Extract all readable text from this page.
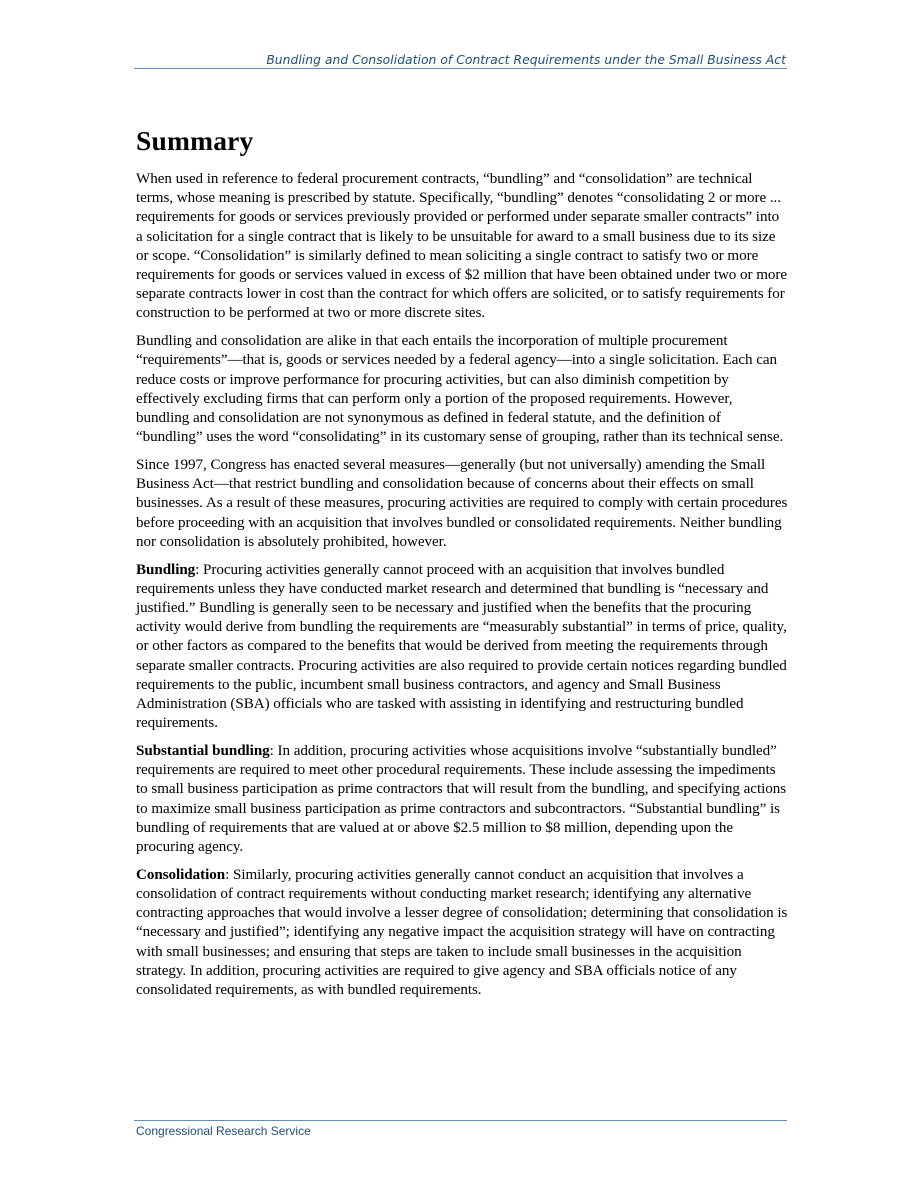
Bundling and Consolidation of Contract Requirements under the Small Business Act
Summary

When used in reference to federal procurement contracts, “bundling” and “consolidation” are technical terms, whose meaning is prescribed by statute. Specifically, “bundling” denotes “consolidating 2 or more ... requirements for goods or services previously provided or performed under separate smaller contracts” into a solicitation for a single contract that is likely to be unsuitable for award to a small business due to its size or scope. “Consolidation” is similarly defined to mean soliciting a single contract to satisfy two or more requirements for goods or services valued in excess of $2 million that have been obtained under two or more separate contracts lower in cost than the contract for which offers are solicited, or to satisfy requirements for construction to be performed at two or more discrete sites.

Bundling and consolidation are alike in that each entails the incorporation of multiple procurement “requirements”—that is, goods or services needed by a federal agency—into a single solicitation. Each can reduce costs or improve performance for procuring activities, but can also diminish competition by effectively excluding firms that can perform only a portion of the proposed requirements. However, bundling and consolidation are not synonymous as defined in federal statute, and the definition of “bundling” uses the word “consolidating” in its customary sense of grouping, rather than its technical sense.

Since 1997, Congress has enacted several measures—generally (but not universally) amending the Small Business Act—that restrict bundling and consolidation because of concerns about their effects on small businesses. As a result of these measures, procuring activities are required to comply with certain procedures before proceeding with an acquisition that involves bundled or consolidated requirements. Neither bundling nor consolidation is absolutely prohibited, however.

Bundling: Procuring activities generally cannot proceed with an acquisition that involves bundled requirements unless they have conducted market research and determined that bundling is “necessary and justified.” Bundling is generally seen to be necessary and justified when the benefits that the procuring activity would derive from bundling the requirements are “measurably substantial” in terms of price, quality, or other factors as compared to the benefits that would be derived from meeting the requirements through separate smaller contracts. Procuring activities are also required to provide certain notices regarding bundled requirements to the public, incumbent small business contractors, and agency and Small Business Administration (SBA) officials who are tasked with assisting in identifying and restructuring bundled requirements.

Substantial bundling: In addition, procuring activities whose acquisitions involve “substantially bundled” requirements are required to meet other procedural requirements. These include assessing the impediments to small business participation as prime contractors that will result from the bundling, and specifying actions to maximize small business participation as prime contractors and subcontractors. “Substantial bundling” is bundling of requirements that are valued at or above $2.5 million to $8 million, depending upon the procuring agency.

Consolidation: Similarly, procuring activities generally cannot conduct an acquisition that involves a consolidation of contract requirements without conducting market research; identifying any alternative contracting approaches that would involve a lesser degree of consolidation; determining that consolidation is “necessary and justified”; identifying any negative impact the acquisition strategy will have on contracting with small businesses; and ensuring that steps are taken to include small businesses in the acquisition strategy. In addition, procuring activities are required to give agency and SBA officials notice of any consolidated requirements, as with bundled requirements.

Congressional Research Service
